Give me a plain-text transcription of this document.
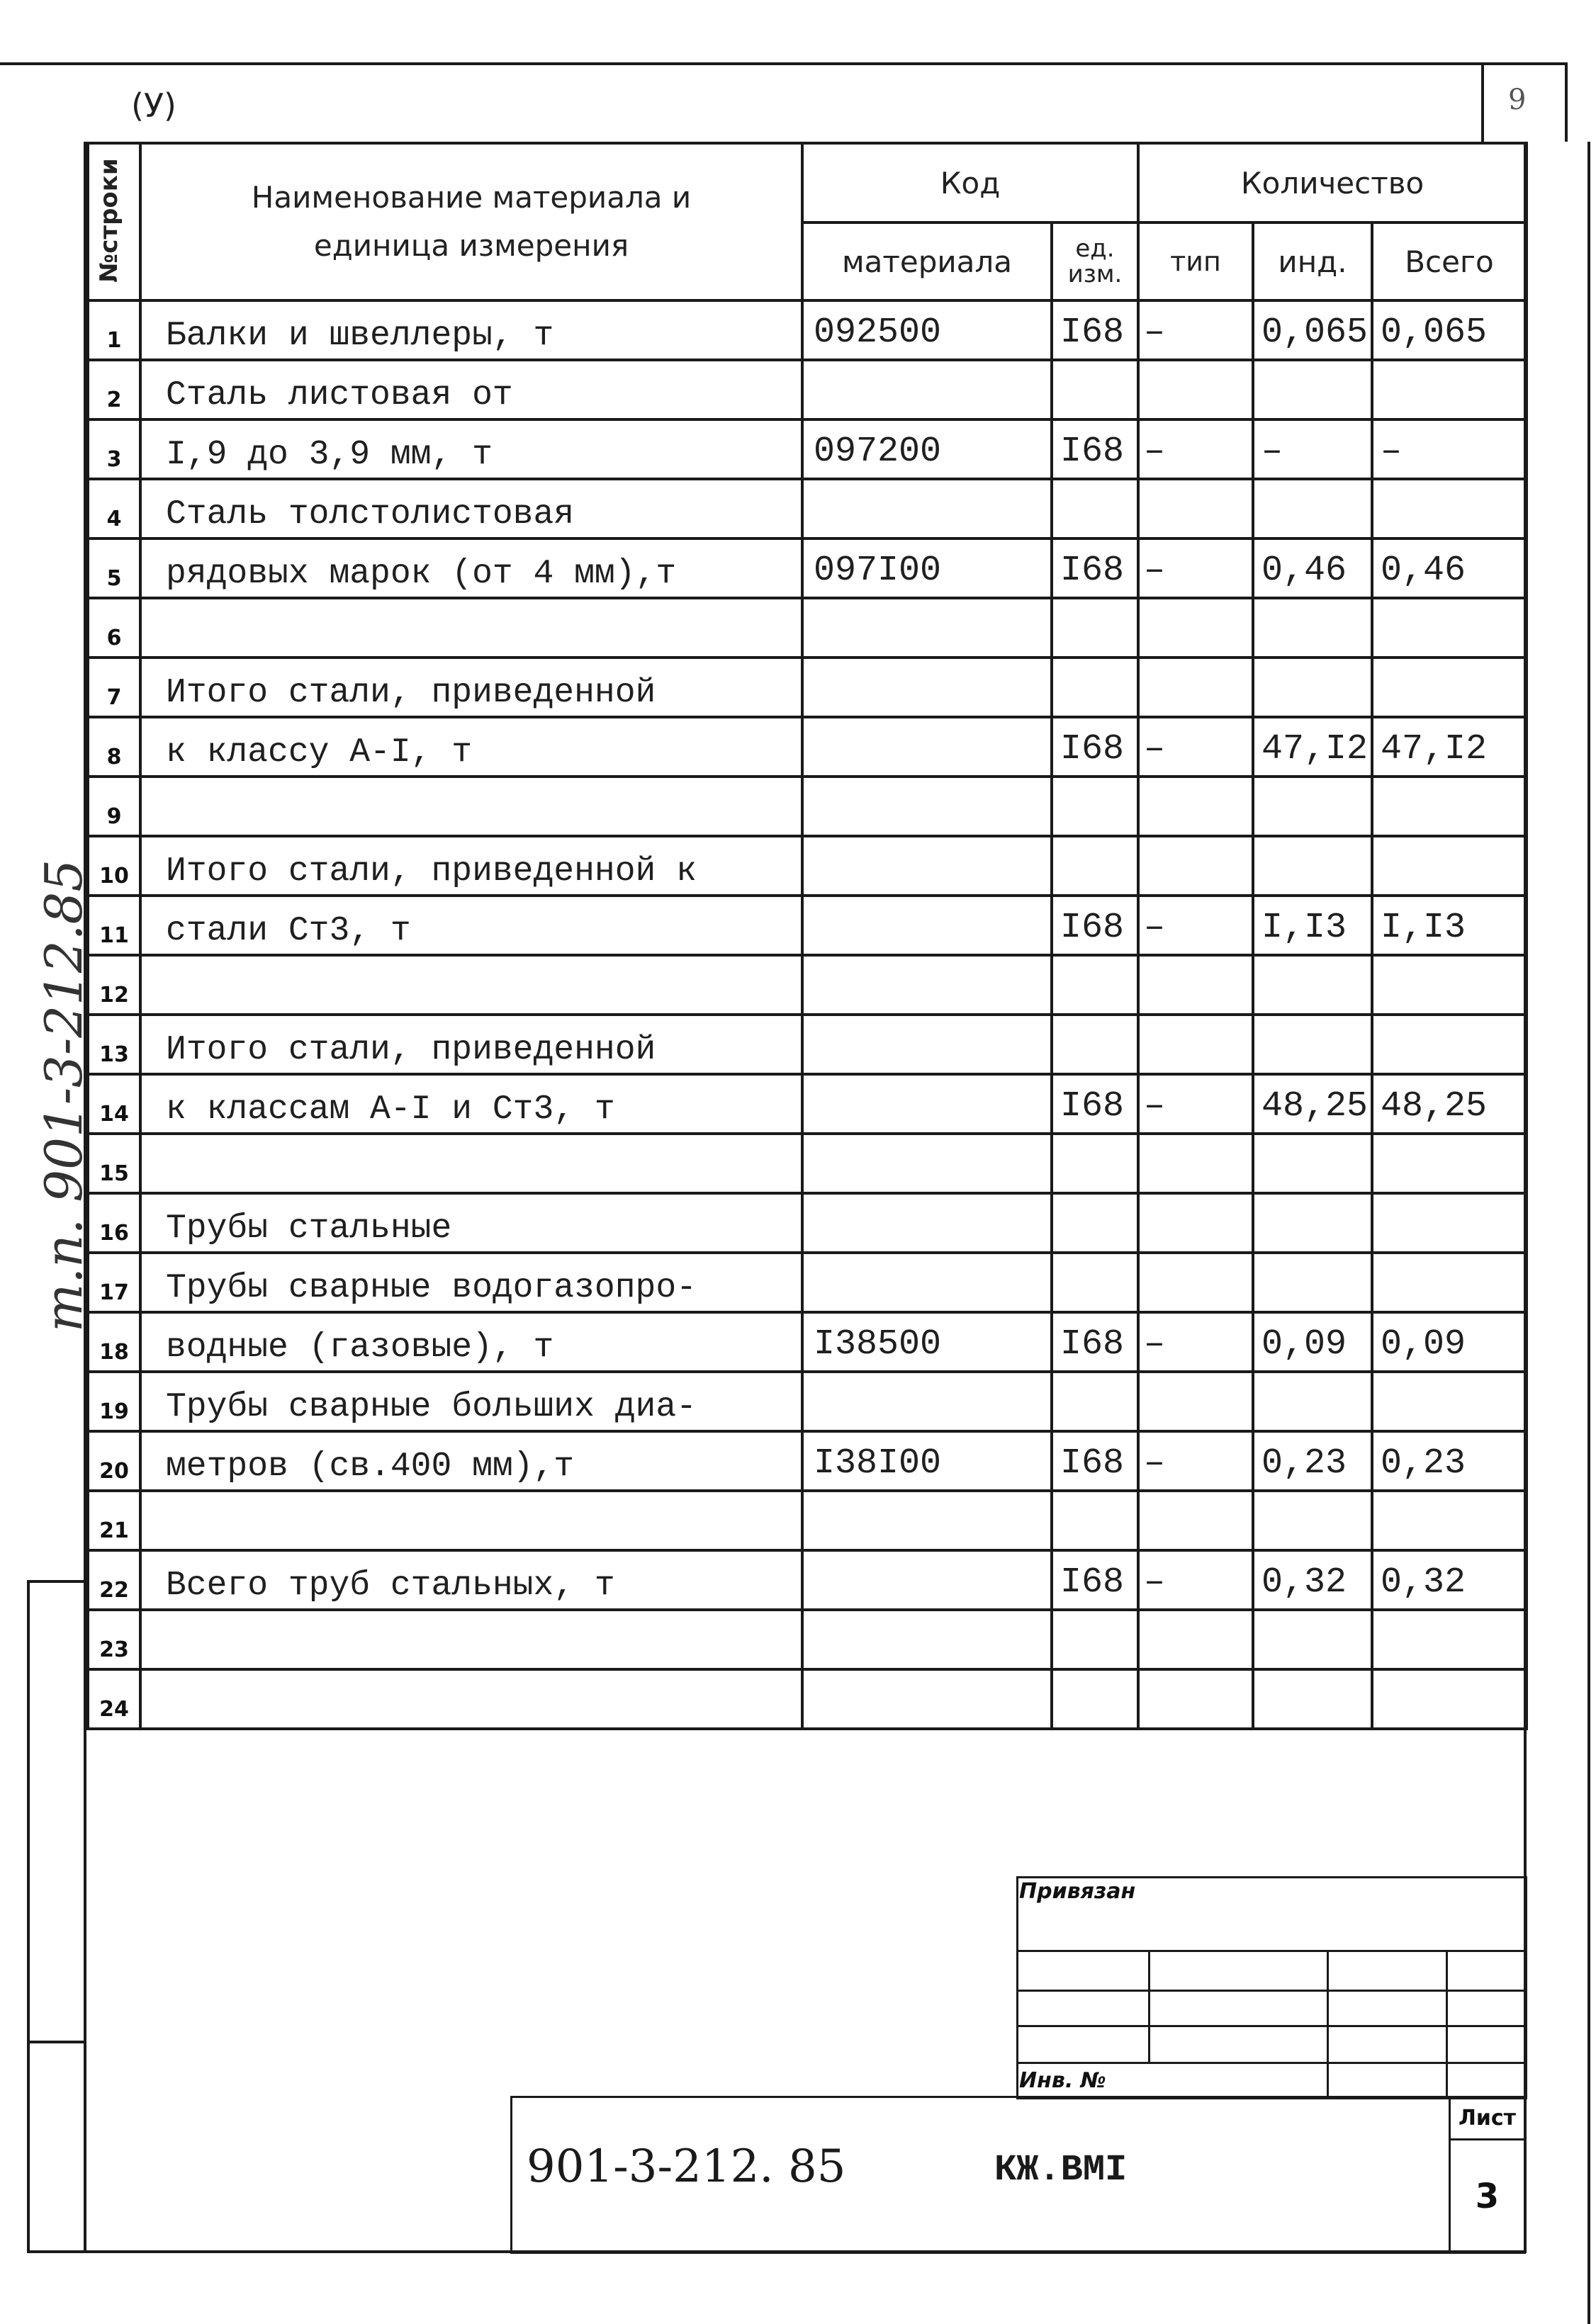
(У)	9
т.п. 901-3-212.85
№строки	Наименование материала и единица измерения	Код		Количество		
		материала	ед. изм.	тип	инд.	Всего
1	Балки и швеллеры, т	092500	I68	–	0,065	0,065
2	Сталь листовая от					
3	I,9 до 3,9 мм, т	097200	I68	–	–	–
4	Сталь толстолистовая					
5	рядовых марок (от 4 мм),т	097I00	I68	–	0,46	0,46
6						
7	Итого стали, приведенной					
8	к классу А-I, т		I68	–	47,I2	47,I2
9						
10	Итого стали, приведенной к					
11	стали Ст3, т		I68	–	I,I3	I,I3
12						
13	Итого стали, приведенной					
14	к классам А-I и Ст3, т		I68	–	48,25	48,25
15						
16	Трубы стальные					
17	Трубы сварные водогазопро-					
18	водные (газовые), т	I38500	I68	–	0,09	0,09
19	Трубы сварные больших диа-					
20	метров (св.400 мм),т	I38I00	I68	–	0,23	0,23
21						
22	Всего труб стальных, т		I68	–	0,32	0,32
23						
24						
Привязан			

Инв. №			
901-3-212. 85	КЖ.ВМI
	Лист
3
